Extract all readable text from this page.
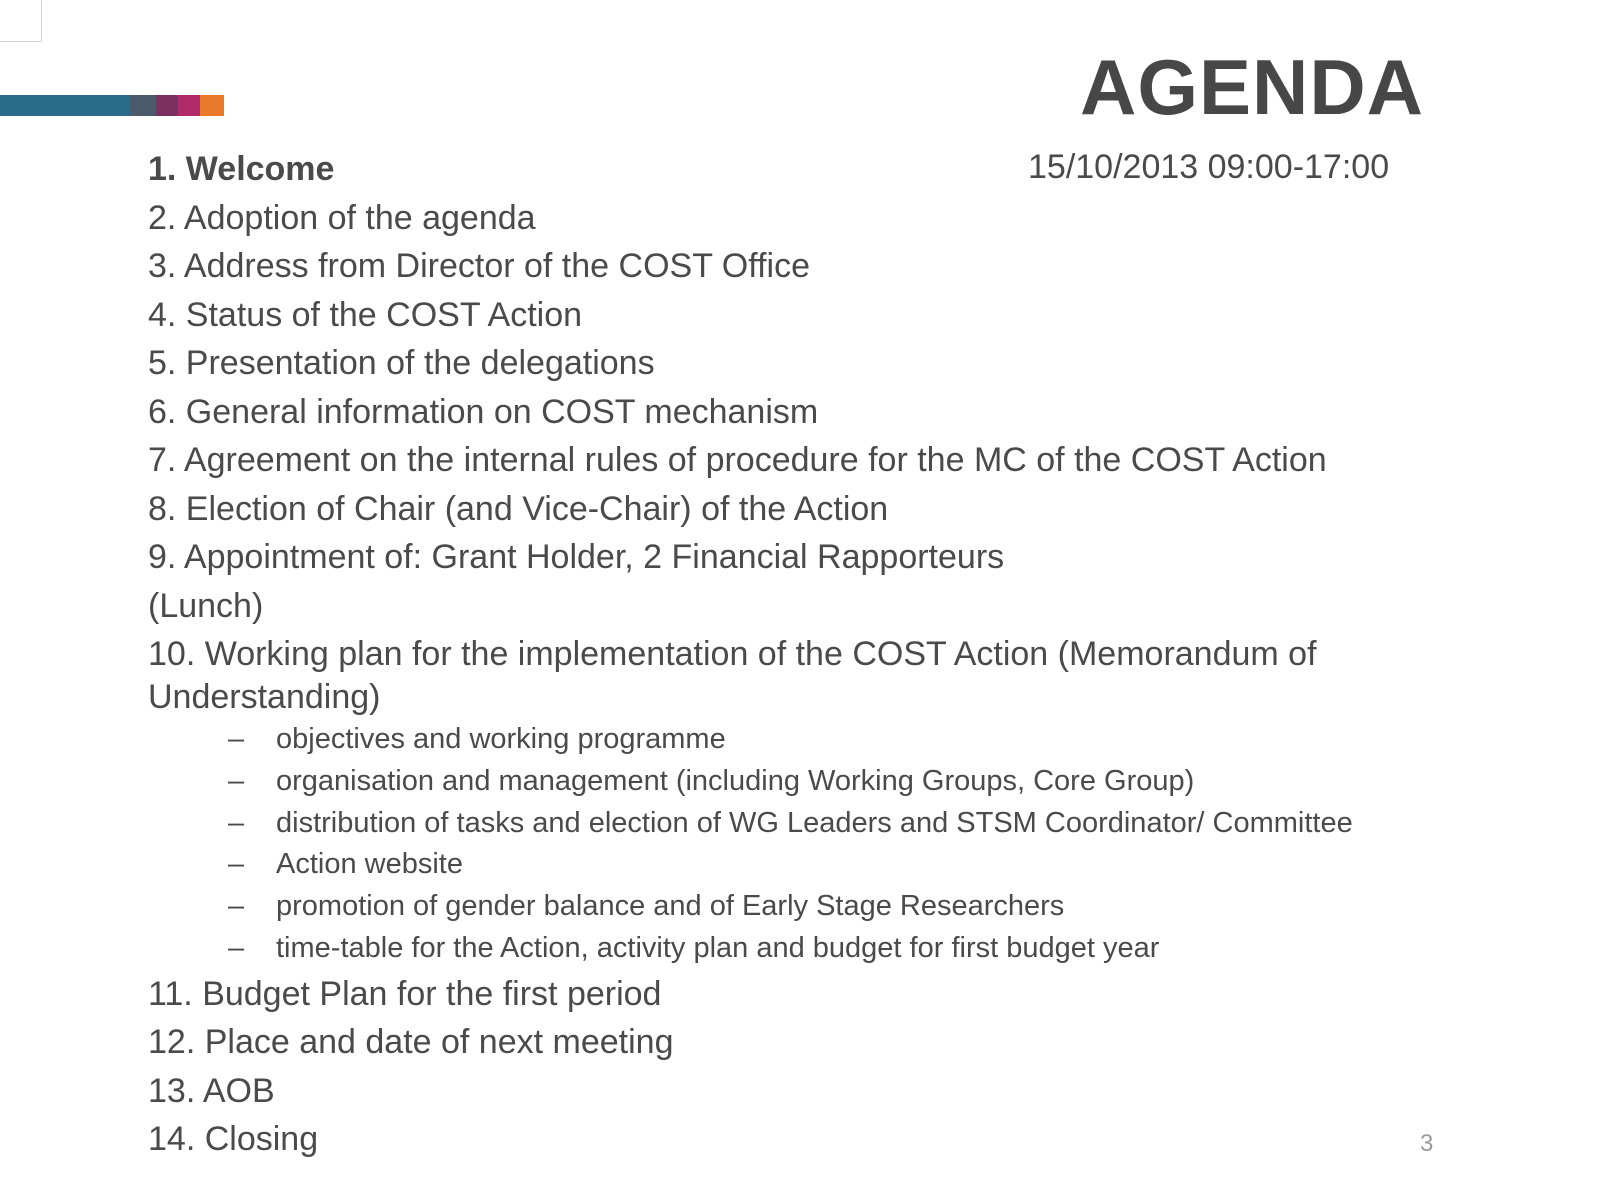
AGENDA
15/10/2013 09:00-17:00
1. Welcome
2. Adoption of the agenda
3. Address from Director of the COST Office
4. Status of the COST Action
5. Presentation of the delegations
6. General information on COST mechanism
7. Agreement on the internal rules of procedure for the MC of the COST Action
8. Election of Chair (and Vice-Chair) of the Action
9. Appointment of: Grant Holder, 2 Financial Rapporteurs
(Lunch)
10. Working plan for the implementation of the COST Action (Memorandum of Understanding)
–	objectives and working programme
–	organisation and management (including Working Groups, Core Group)
–	distribution of tasks and election of WG Leaders and STSM Coordinator/ Committee
–	Action website
–	promotion of gender balance and of Early Stage Researchers
–	time-table for the Action, activity plan and budget for first budget year
11. Budget Plan for the first period
12. Place and date of next meeting
13. AOB
14. Closing	3
